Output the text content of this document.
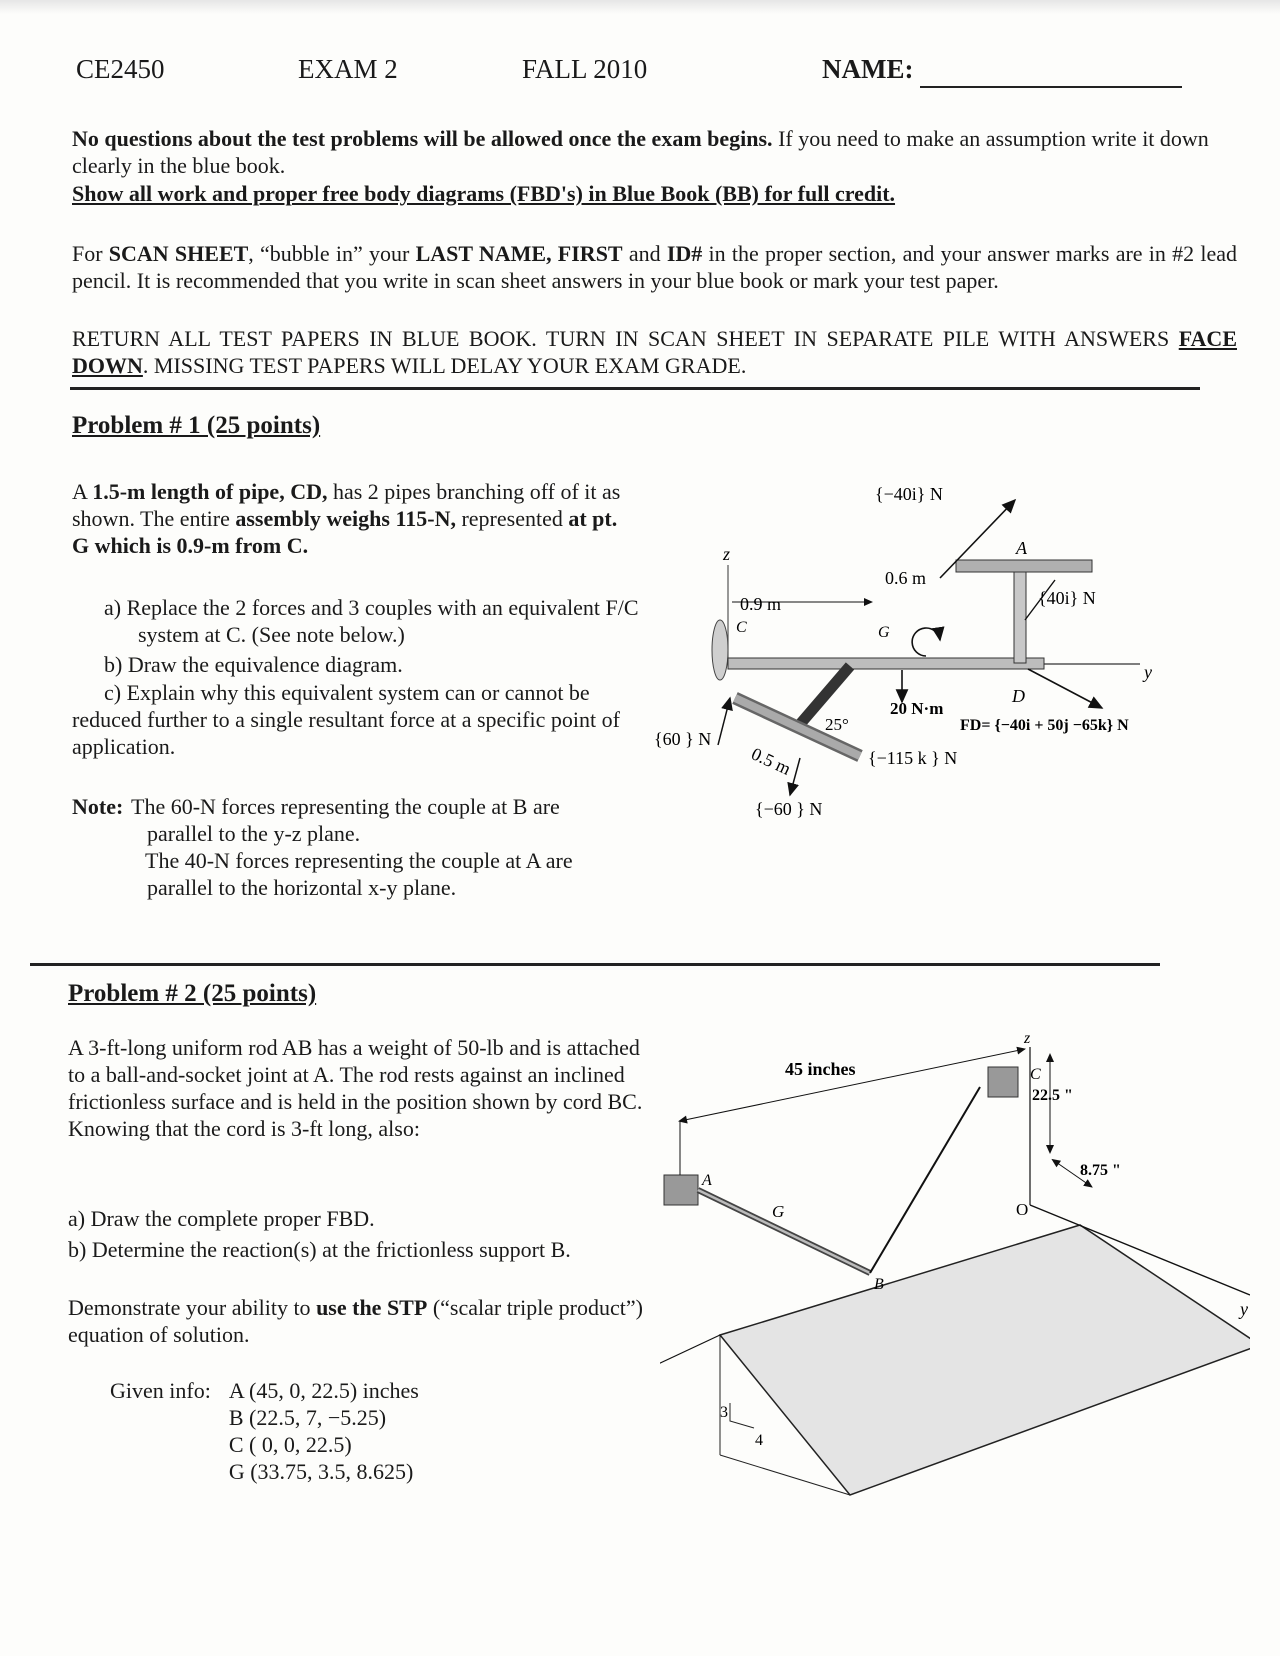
CE2450	EXAM 2	FALL 2010	NAME:
No questions about the test problems will be allowed once the exam begins. If you need to make an assumption write it down clearly in the blue book.
Show all work and proper free body diagrams (FBD's) in Blue Book (BB) for full credit.
For SCAN SHEET, “bubble in” your LAST NAME, FIRST and ID# in the proper section, and your answer marks are in #2 lead pencil. It is recommended that you write in scan sheet answers in your blue book or mark your test paper.
RETURN ALL TEST PAPERS IN BLUE BOOK. TURN IN SCAN SHEET IN SEPARATE PILE WITH ANSWERS FACE DOWN. MISSING TEST PAPERS WILL DELAY YOUR EXAM GRADE.
Problem # 1 (25 points)
A 1.5-m length of pipe, CD, has 2 pipes branching off of it as shown. The entire assembly weighs 115-N, represented at pt. G which is 0.9-m from C.
a) Replace the 2 forces and 3 couples with an equivalent F/C system at C. (See note below.)
b) Draw the equivalence diagram.
c) Explain why this equivalent system can or cannot be reduced further to a single resultant force at a specific point of application.
Note: The 60-N forces representing the couple at B are parallel to the y-z plane.
The 40-N forces representing the couple at A are parallel to the horizontal x-y plane.
z
y
A
{−40i} N
{40i} N
0.6 m
0.9 m
C	G
20 N·m
{−115 k } N
D
FD= {−40i + 50j −65k} N
25°
{60 } N
0.5 m
{−60 } N
Problem # 2 (25 points)
A 3-ft-long uniform rod AB has a weight of 50-lb and is attached to a ball-and-socket joint at A. The rod rests against an inclined frictionless surface and is held in the position shown by cord BC. Knowing that the cord is 3-ft long, also:
a) Draw the complete proper FBD.
b) Determine the reaction(s) at the frictionless support B.
Demonstrate your ability to use the STP (“scalar triple product”) equation of solution.
Given info:	A (45, 0, 22.5) inches
	B (22.5, 7, −5.25)
	C ( 0, 0, 22.5)
	G (33.75, 3.5, 8.625)
3
4
y
z
O
C
A
45 inches
22.5 "
8.75 "
G
B
